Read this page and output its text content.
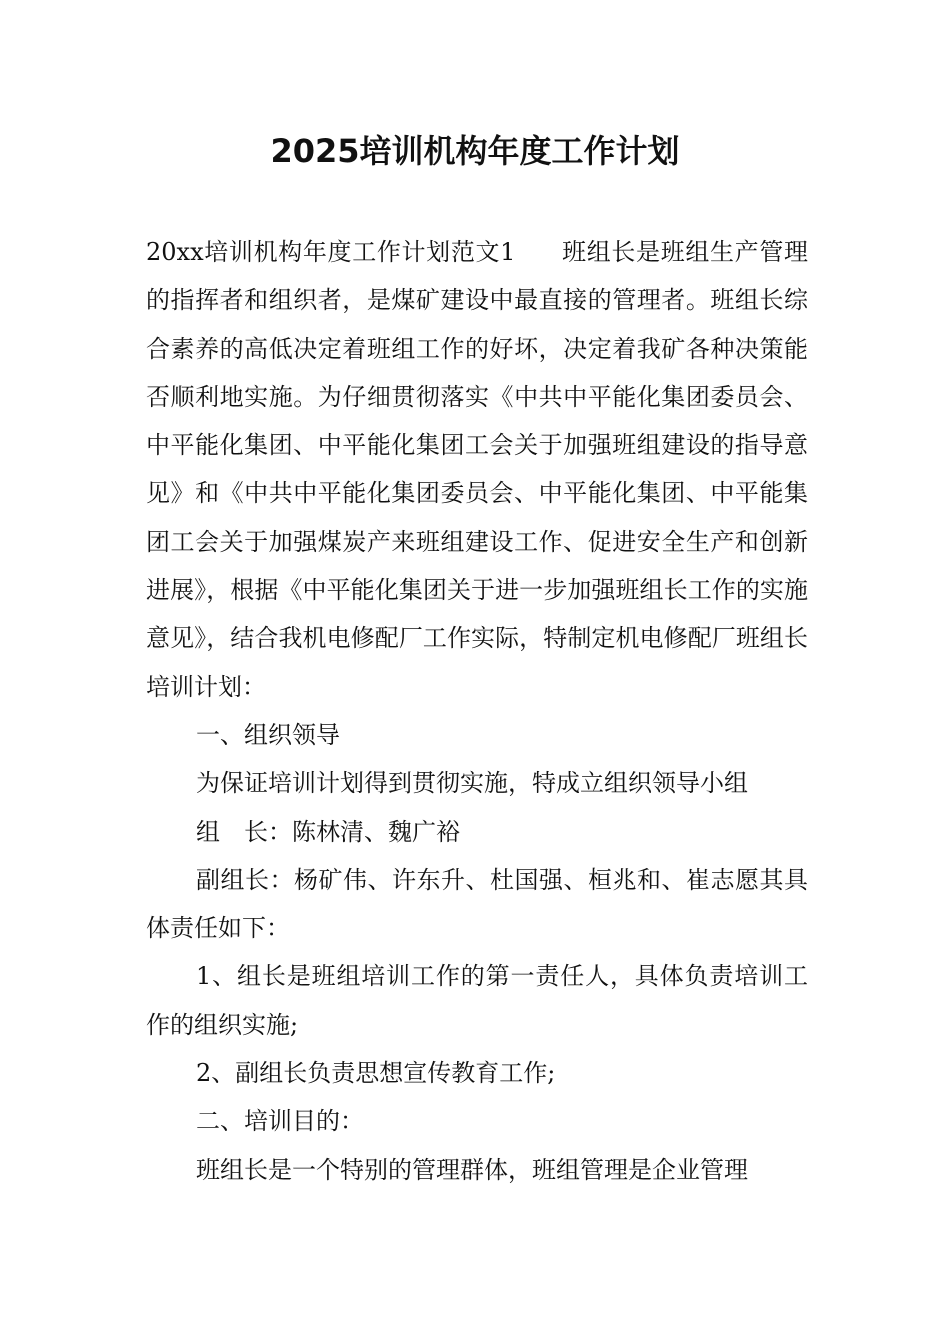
2025培训机构年度工作计划

20xx培训机构年度工作计划范文1 班组长是班组生产管理的指挥者和组织者，是煤矿建设中最直接的管理者。班组长综合素养的高低决定着班组工作的好坏，决定着我矿各种决策能否顺利地实施。为仔细贯彻落实《中共中平能化集团委员会、中平能化集团、中平能化集团工会关于加强班组建设的指导意见》和《中共中平能化集团委员会、中平能化集团、中平能集团工会关于加强煤炭产来班组建设工作、促进安全生产和创新进展》，根据《中平能化集团关于进一步加强班组长工作的实施意见》，结合我机电修配厂工作实际，特制定机电修配厂班组长培训计划：

一、组织领导

为保证培训计划得到贯彻实施，特成立组织领导小组

组　长：陈林清、魏广裕

副组长：杨矿伟、许东升、杜国强、桓兆和、崔志愿其具体责任如下：

1、组长是班组培训工作的第一责任人，具体负责培训工作的组织实施;

2、副组长负责思想宣传教育工作;

二、培训目的：

班组长是一个特别的管理群体，班组管理是企业管理
